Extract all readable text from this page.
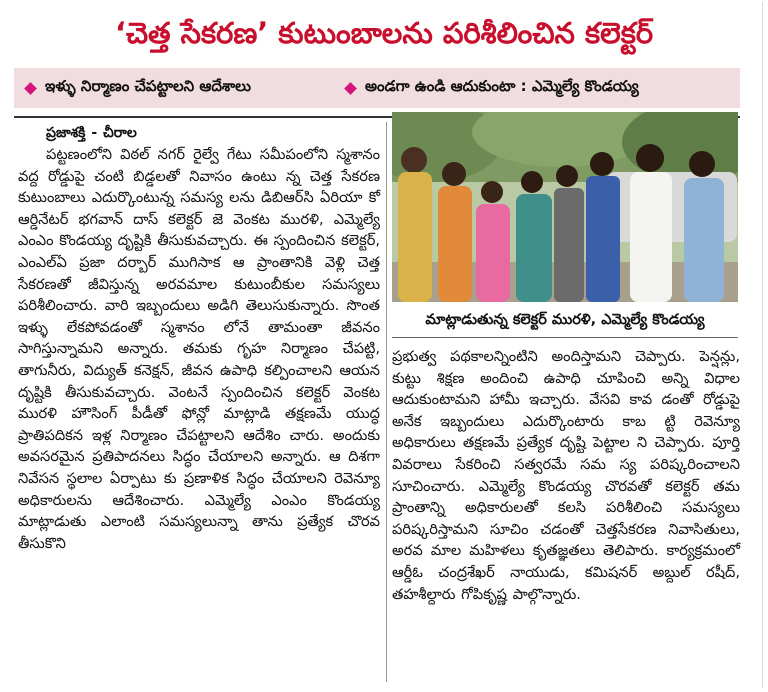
‘చెత్త సేకరణ’ కుటుంబాలను పరిశీలించిన కలెక్టర్
ఇళ్ళు నిర్మాణం చేపట్టాలని ఆదేశాలు	అండగా ఉండి ఆదుకుంటా : ఎమ్మెల్యే కొండయ్య

ప్రజాశక్తి - చీరాల

పట్టణంలోని విఠల్ నగర్ రైల్వే గేటు సమీపంలోని స్మశానం వద్ద రోడ్డుపై చంటి బిడ్డలతో నివాసం ఉంటు న్న చెత్త సేకరణ కుటుంబాలు ఎదుర్కొంటున్న సమస్య లను డిబిఆర్‌సి ఏరియా కో ఆర్డినేటర్ భగవాన్ దాస్ కలెక్టర్ జె వెంకట మురళి, ఎమ్మెల్యే ఎంఎం కొండయ్య దృష్టికి తీసుకువచ్చారు. ఈ స్పందించిన కలెక్టర్, ఎంఎల్ఏ ప్రజా దర్బార్ ముగిసాక ఆ ప్రాంతానికి వెళ్లి చెత్త సేకరణతో జీవిస్తున్న అరవమాల కుటుంబీకుల సమస్యలు పరిశీలించారు. వారి ఇబ్బందులు అడిగి తెలుసుకున్నారు. సొంత ఇళ్ళు లేకపోవడంతో స్మశానం లోనే తామంతా జీవనం సాగిస్తున్నామని అన్నారు. తమకు గృహ నిర్మాణం చేపట్టి, తాగునీరు, విద్యుత్ కనెక్షన్, జీవన ఉపాధి కల్పించాలని ఆయన దృష్టికి తీసుకువచ్చారు. వెంటనే స్పందించిన కలెక్టర్ వెంకట మురళి హౌసింగ్ పీడీతో ఫోన్లో మాట్లాడి తక్షణమే యుద్ధ ప్రాతిపదికన ఇళ్ల నిర్మాణం చేపట్టాలని ఆదేశిం చారు. అందుకు అవసరమైన ప్రతిపాదనలు సిద్ధం చేయాలని అన్నారు. ఆ దిశగా నివేసన స్థలాల ఏర్పాటు కు ప్రణాళిక సిద్ధం చేయాలని రెవెన్యూ అధికారులను ఆదేశించారు. ఎమ్మెల్యే ఎంఎం కొండయ్య మాట్లాడుతు ఎలాంటి సమస్యలున్నా తాను ప్రత్యేక చొరవ తీసుకొని

మాట్లాడుతున్న కలెక్టర్ మురళి, ఎమ్మెల్యే కొండయ్య

ప్రభుత్వ పథకాలన్నింటిని అందిస్తామని చెప్పారు. పెన్షన్లు, కుట్టు శిక్షణ అందించి ఉపాధి చూపించి అన్ని విధాల ఆదుకుంటామని హామీ ఇచ్చారు. వేసవి కావ డంతో రోడ్డుపై అనేక ఇబ్బందులు ఎదుర్కొంటారు కాబ ట్టి రెవెన్యూ అధికారులు తక్షణమే ప్రత్యేక దృష్టి పెట్టాల ని చెప్పారు. పూర్తి వివరాలు సేకరించి సత్వరమే సమ స్య పరిష్కరించాలని సూచించారు. ఎమ్మెల్యే కొండయ్య చొరవతో కలెక్టర్ తమ ప్రాంతాన్ని అధికారులతో కలసి పరిశీలించి సమస్యలు పరిష్కరిస్తామని సూచిం చడంతో చెత్తసేకరణ నివాసితులు, అరవ మాల మహిళలు కృతజ్ఞతలు తెలిపారు. కార్యక్రమంలో ఆర్డీఓ చంద్రశేఖర్ నాయుడు, కమిషనర్ అబ్దుల్ రషీద్, తహశీల్దారు గోపికృష్ణ పాల్గొన్నారు.
